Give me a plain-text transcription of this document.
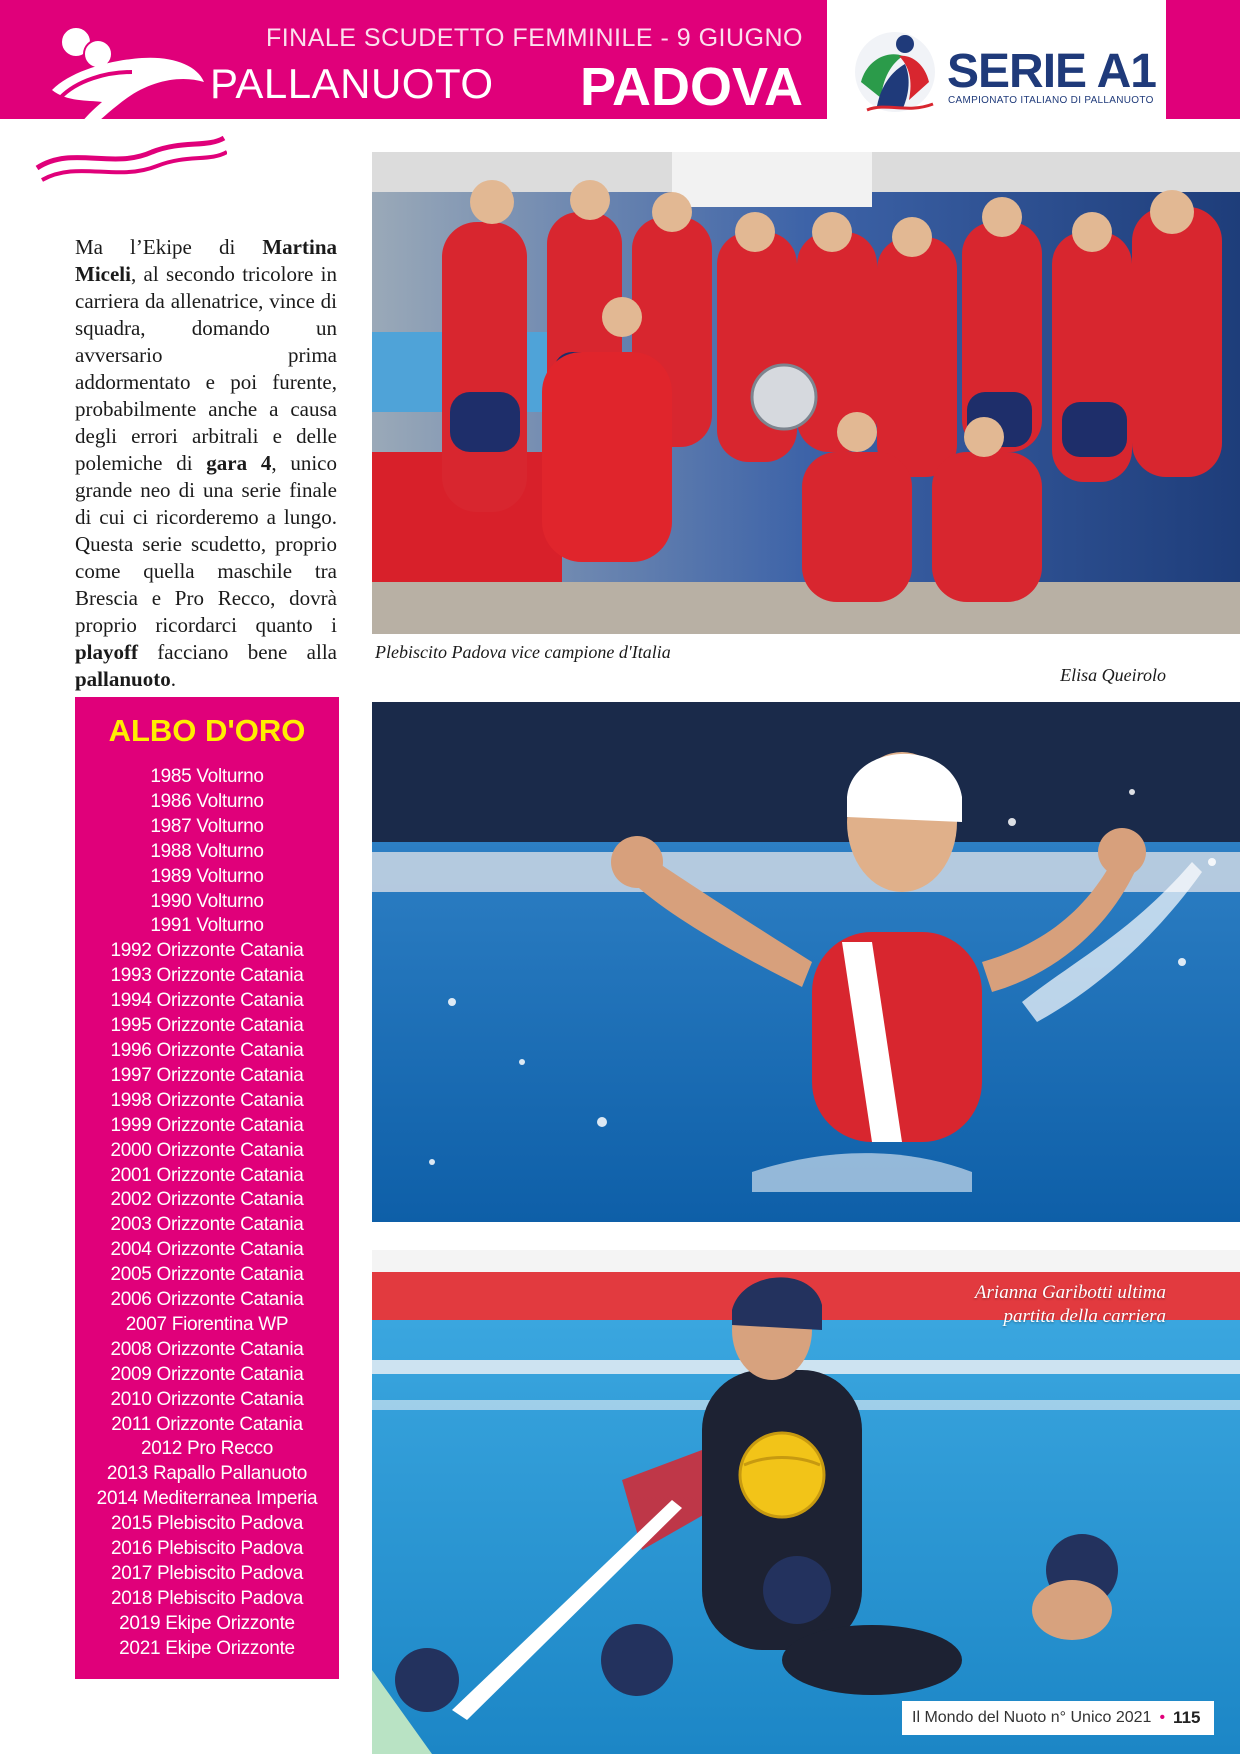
FINALE SCUDETTO FEMMINILE - 9 GIUGNO
PALLANUOTO PADOVA	SERIE A1
CAMPIONATO ITALIANO DI PALLANUOTO

Ma l’Ekipe di Martina Miceli, al secondo tricolore in carriera da allenatrice, vince di squadra, domando un avversario prima addormentato e poi furente, probabilmente anche a causa degli errori arbitrali e delle polemiche di gara 4, unico grande neo di una serie finale di cui ci ricorderemo a lungo. Questa serie scudetto, proprio come quella maschile tra Brescia e Pro Recco, dovrà proprio ricordarci quanto i playoff facciano bene alla pallanuoto.

ALBO D'ORO
1985 Volturno
1986 Volturno
1987 Volturno
1988 Volturno
1989 Volturno
1990 Volturno
1991 Volturno
1992 Orizzonte Catania
1993 Orizzonte Catania
1994 Orizzonte Catania
1995 Orizzonte Catania
1996 Orizzonte Catania
1997 Orizzonte Catania
1998 Orizzonte Catania
1999 Orizzonte Catania
2000 Orizzonte Catania
2001 Orizzonte Catania
2002 Orizzonte Catania
2003 Orizzonte Catania
2004 Orizzonte Catania
2005 Orizzonte Catania
2006 Orizzonte Catania
2007 Fiorentina WP
2008 Orizzonte Catania
2009 Orizzonte Catania
2010 Orizzonte Catania
2011 Orizzonte Catania
2012 Pro Recco
2013 Rapallo Pallanuoto
2014 Mediterranea Imperia
2015 Plebiscito Padova
2016 Plebiscito Padova
2017 Plebiscito Padova
2018 Plebiscito Padova
2019 Ekipe Orizzonte
2021 Ekipe Orizzonte
Plebiscito Padova vice campione d'Italia
Elisa Queirolo
Arianna Garibotti ultima
partita della carriera
Il Mondo del Nuoto n° Unico 2021 • 115
